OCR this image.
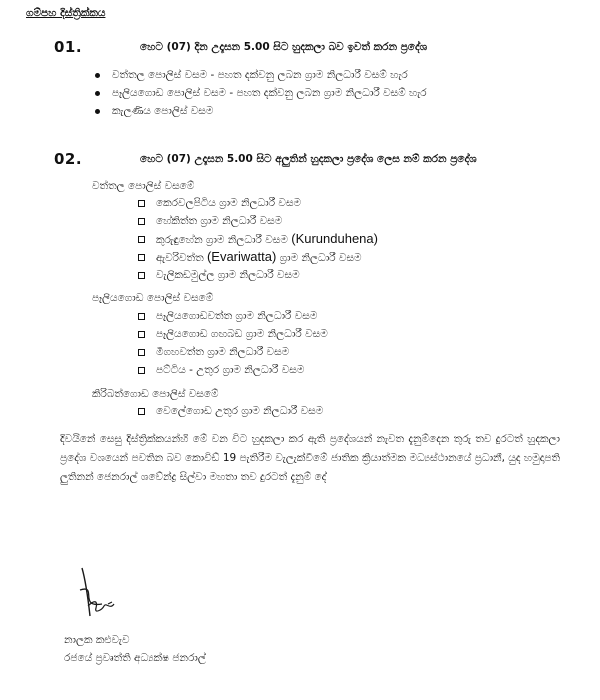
ගම්පහ දිස්ත්‍රික්කය
01.	හෙට (07) දින උදෑසන 5.00 සිට හුදකලා බව ඉවත් කරන ප්‍රදේශ
වත්තල පොලිස් වසම - පහත දක්වනු ලබන ග්‍රාම නිලධාරී වසම් හැර
පෑලියගොඩ පොලිස් වසම - පහත දක්වනු ලබන ග්‍රාම නිලධාරී වසම් හැර
කැලණිය පොලිස් වසම
02.	හෙට (07) උදෑසන 5.00 සිට අලුතින් හුදකලා ප්‍රදේශ ලෙස නම් කරන ප්‍රදේශ
වත්තල පොලිස් වසමේ
කෙරවලපිටිය ග්‍රාම නිලධාරී වසම
හේකිත්ත ග්‍රාම නිලධාරී වසම
කුරුඳුහේන ග්‍රාම නිලධාරී වසම (Kurunduhena)
ඇවරිවත්ත (Evariwatta) ග්‍රාම නිලධාරී වසම
වැලිකඩමුල්ල ග්‍රාම නිලධාරී වසම
පෑලියගොඩ පොලිස් වසමේ
පෑලියගොඩවත්ත ග්‍රාම නිලධාරී වසම
පෑලියගොඩ ගඟබඩ ග්‍රාම නිලධාරී වසම
මීගහවත්ත ග්‍රාම නිලධාරී වසම
පට්ටිය - උතුර ග්‍රාම නිලධාරී වසම
කිරිබත්ගොඩ පොලිස් වසමේ
වෙලේගොඩ උතුර ග්‍රාම නිලධාරී වසම
දිවයිනේ සෙසු දිස්ත්‍රික්කයන්හි මේ වන විට හුදකලා කර ඇති ප්‍රදේශයන් නැවත දැනුම්දෙන තුරු තව දුරටත් හුදකලා ප්‍රදේශ වශයෙන් පවතින බව කොවිඩ් 19 පැතිරීම වැලැක්වීමේ ජාතික ක්‍රියාත්මක මධ්‍යස්ථානයේ ප්‍රධානී, යුද හමුදාපති ලුතිනන් ජෙනරාල් ශවේන්ද්‍ර සිල්වා මහතා තව දුරටත් දැනුම් දේ
නාලක කළුවැව
රජයේ ප්‍රවෘත්ති අධ්‍යක්ෂ ජනරාල්
